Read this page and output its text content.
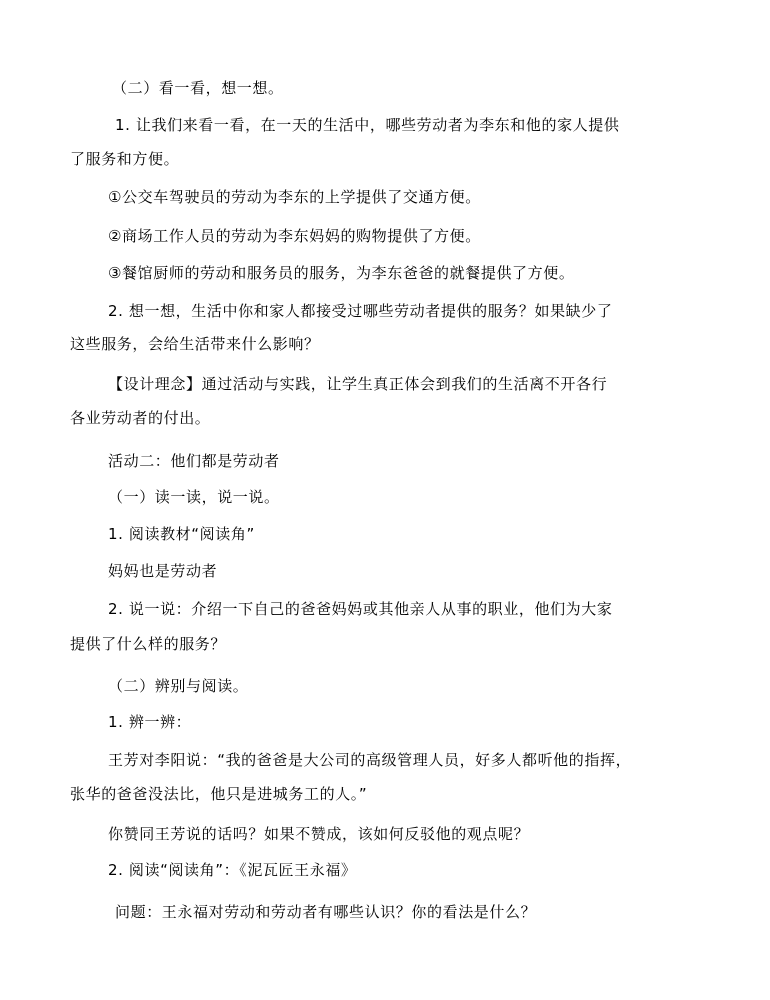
（二）看一看，想一想。
1. 让我们来看一看，在一天的生活中，哪些劳动者为李东和他的家人提供
了服务和方便。
①公交车驾驶员的劳动为李东的上学提供了交通方便。
②商场工作人员的劳动为李东妈妈的购物提供了方便。
③餐馆厨师的劳动和服务员的服务，为李东爸爸的就餐提供了方便。
2. 想一想，生活中你和家人都接受过哪些劳动者提供的服务？如果缺少了
这些服务，会给生活带来什么影响？
【设计理念】通过活动与实践，让学生真正体会到我们的生活离不开各行
各业劳动者的付出。
活动二：他们都是劳动者
（一）读一读，说一说。
1. 阅读教材“阅读角”
妈妈也是劳动者
2. 说一说：介绍一下自己的爸爸妈妈或其他亲人从事的职业，他们为大家
提供了什么样的服务？
（二）辨别与阅读。
1. 辨一辨：
王芳对李阳说：“我的爸爸是大公司的高级管理人员，好多人都听他的指挥，
张华的爸爸没法比，他只是进城务工的人。”
你赞同王芳说的话吗？如果不赞成，该如何反驳他的观点呢？
2. 阅读“阅读角”：《泥瓦匠王永福》
问题：王永福对劳动和劳动者有哪些认识？你的看法是什么？
